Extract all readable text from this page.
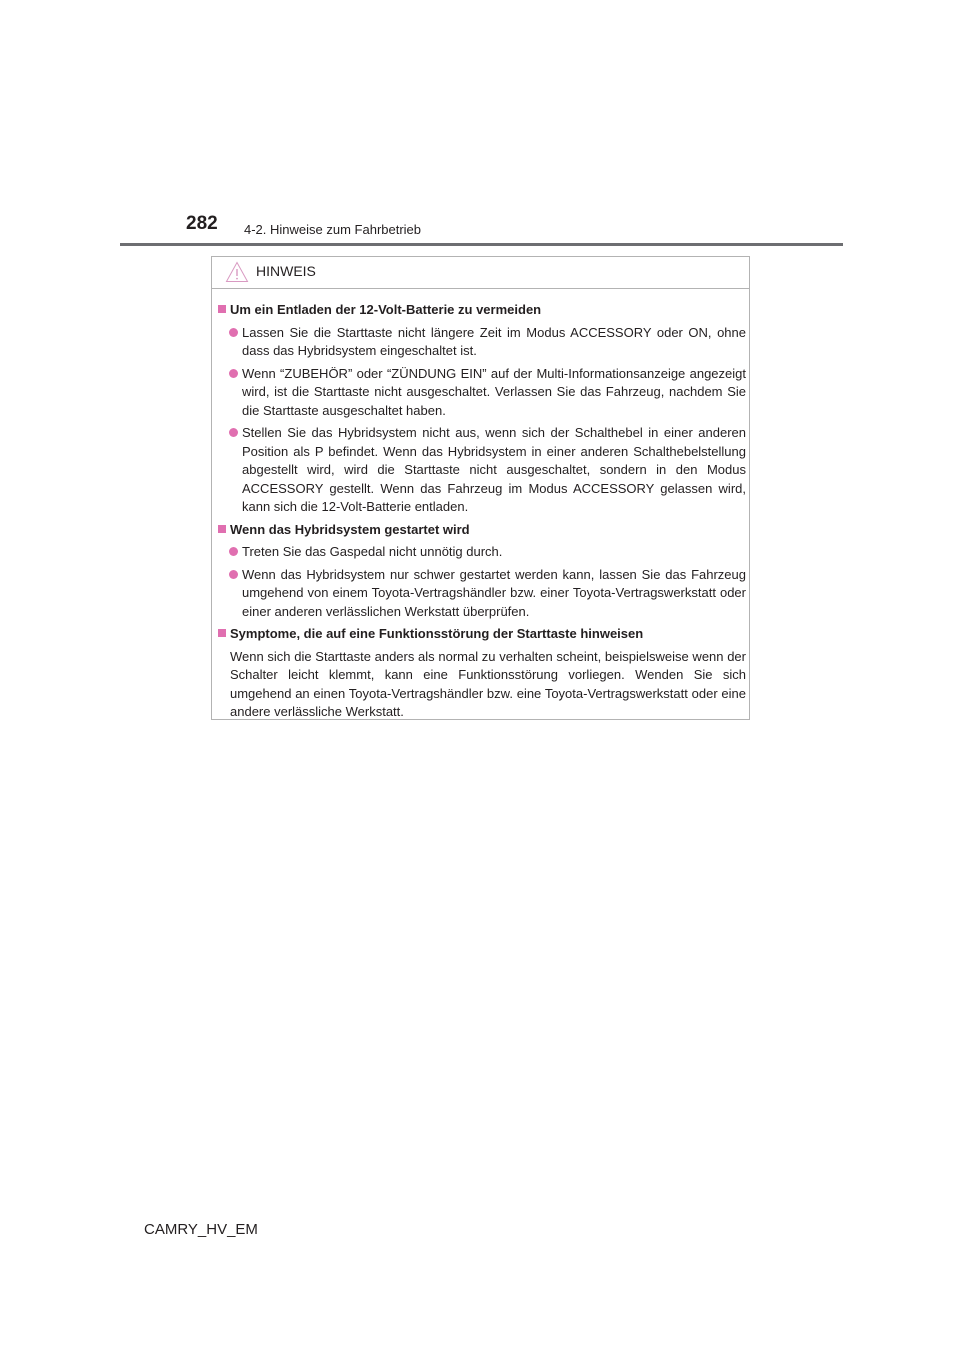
282 4-2. Hinweise zum Fahrbetrieb
HINWEIS
Um ein Entladen der 12-Volt-Batterie zu vermeiden
Lassen Sie die Starttaste nicht längere Zeit im Modus ACCESSORY oder ON, ohne dass das Hybridsystem eingeschaltet ist.
Wenn “ZUBEHÖR” oder “ZÜNDUNG EIN” auf der Multi-Informationsanzeige angezeigt wird, ist die Starttaste nicht ausgeschaltet. Verlassen Sie das Fahrzeug, nachdem Sie die Starttaste ausgeschaltet haben.
Stellen Sie das Hybridsystem nicht aus, wenn sich der Schalthebel in einer anderen Position als P befindet. Wenn das Hybridsystem in einer anderen Schalthebelstellung abgestellt wird, wird die Starttaste nicht ausgeschaltet, sondern in den Modus ACCESSORY gestellt. Wenn das Fahrzeug im Modus ACCESSORY gelassen wird, kann sich die 12-Volt-Batterie entladen.
Wenn das Hybridsystem gestartet wird
Treten Sie das Gaspedal nicht unnötig durch.
Wenn das Hybridsystem nur schwer gestartet werden kann, lassen Sie das Fahrzeug umgehend von einem Toyota-Vertragshändler bzw. einer Toyota-Vertragswerkstatt oder einer anderen verlässlichen Werkstatt überprüfen.
Symptome, die auf eine Funktionsstörung der Starttaste hinweisen
Wenn sich die Starttaste anders als normal zu verhalten scheint, beispielsweise wenn der Schalter leicht klemmt, kann eine Funktionsstörung vorliegen. Wenden Sie sich umgehend an einen Toyota-Vertragshändler bzw. eine Toyota-Vertragswerkstatt oder eine andere verlässliche Werkstatt.
CAMRY_HV_EM
